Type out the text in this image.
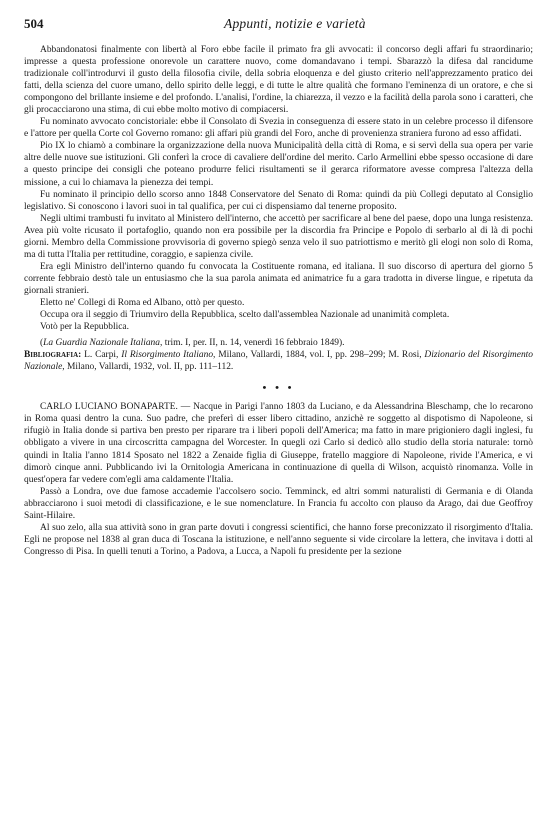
504	Appunti, notizie e varietà

Abbandonatosi finalmente con libertà al Foro ebbe facile il primato fra gli avvocati: il concorso degli affari fu straordinario; impresse a questa professione onorevole un carattere nuovo, come domandavano i tempi. Sbarazzò la difesa dal rancidume tradizionale coll'introdurvi il gusto della filosofia civile, della sobria eloquenza e del giusto criterio nell'apprezzamento pratico dei fatti, della scienza del cuore umano, dello spirito delle leggi, e di tutte le altre qualità che formano l'eminenza di un oratore, e che si compongono del brillante insieme e del profondo. L'analisi, l'ordine, la chiarezza, il vezzo e la facilità della parola sono i caratteri, che gli procacciarono una stima, di cui ebbe molto motivo di compiacersi.

Fu nominato avvocato concistoriale: ebbe il Consolato di Svezia in conseguenza di essere stato in un celebre processo il difensore e l'attore per quella Corte col Governo romano: gli affari più grandi del Foro, anche di provenienza straniera furono ad esso affidati.

Pio IX lo chiamò a combinare la organizzazione della nuova Municipalità della città di Roma, e si servì della sua opera per varie altre delle nuove sue istituzioni. Gli conferì la croce di cavaliere dell'ordine del merito. Carlo Armellini ebbe spesso occasione di dare a questo principe dei consigli che poteano produrre felici risultamenti se il gerarca riformatore avesse compresa l'altezza della missione, a cui lo chiamava la pienezza dei tempi.

Fu nominato il principio dello scorso anno 1848 Conservatore del Senato di Roma: quindi da più Collegi deputato al Consiglio legislativo. Si conoscono i lavori suoi in tal qualifica, per cui ci dispensiamo dal tenerne proposito.

Negli ultimi trambusti fu invitato al Ministero dell'interno, che accettò per sacrificare al bene del paese, dopo una lunga resistenza. Avea più volte ricusato il portafoglio, quando non era possibile per la discordia fra Principe e Popolo di serbarlo al di là di pochi giorni. Membro della Commissione provvisoria di governo spiegò senza velo il suo patriottismo e meritò gli elogi non solo di Roma, ma di tutta l'Italia per rettitudine, coraggio, e sapienza civile.

Era egli Ministro dell'interno quando fu convocata la Costituente romana, ed italiana. Il suo discorso di apertura del giorno 5 corrente febbraio destò tale un entusiasmo che la sua parola animata ed animatrice fu a gara tradotta in diverse lingue, e ripetuta da giornali stranieri.

Eletto ne' Collegi di Roma ed Albano, ottò per questo.

Occupa ora il seggio di Triumviro della Repubblica, scelto dall'assemblea Nazionale ad unanimità completa.

Votò per la Repubblica.

(La Guardia Nazionale Italiana, trim. I, per. II, n. 14, venerdì 16 febbraio 1849).

Bibliografia: L. Carpi, Il Risorgimento Italiano, Milano, Vallardi, 1884, vol. I, pp. 298–299; M. Rosi, Dizionario del Risorgimento Nazionale, Milano, Vallardi, 1932, vol. II, pp. 111–112.

• • •

CARLO LUCIANO BONAPARTE. — Nacque in Parigi l'anno 1803 da Luciano, e da Alessandrina Bleschamp, che lo recarono in Roma quasi dentro la cuna. Suo padre, che preferì di esser libero cittadino, anzichè re soggetto al dispotismo di Napoleone, si rifugiò in Italia donde si partiva ben presto per riparare tra i liberi popoli dell'America; ma fatto in mare prigioniero dagli inglesi, fu obbligato a vivere in una circoscritta campagna del Worcester. In quegli ozi Carlo si dedicò allo studio della storia naturale: tornò quindi in Italia l'anno 1814 Sposato nel 1822 a Zenaide figlia di Giuseppe, fratello maggiore di Napoleone, rivide l'America, e vi dimorò cinque anni. Pubblicando ivi la Ornitologia Americana in continuazione di quella di Wilson, acquistò rinomanza. Volle in quest'opera far vedere com'egli ama caldamente l'Italia.

Passò a Londra, ove due famose accademie l'accolsero socio. Temminck, ed altri sommi naturalisti di Germania e di Olanda abbracciarono i suoi metodi di classificazione, e le sue nomenclature. In Francia fu accolto con plauso da Arago, dai due Geoffroy Saint-Hilaire.

Al suo zelo, alla sua attività sono in gran parte dovuti i congressi scientifici, che hanno forse preconizzato il risorgimento d'Italia. Egli ne propose nel 1838 al gran duca di Toscana la istituzione, e nell'anno seguente si vide circolare la lettera, che invitava i dotti al Congresso di Pisa. In quelli tenuti a Torino, a Padova, a Lucca, a Napoli fu presidente per la sezione
